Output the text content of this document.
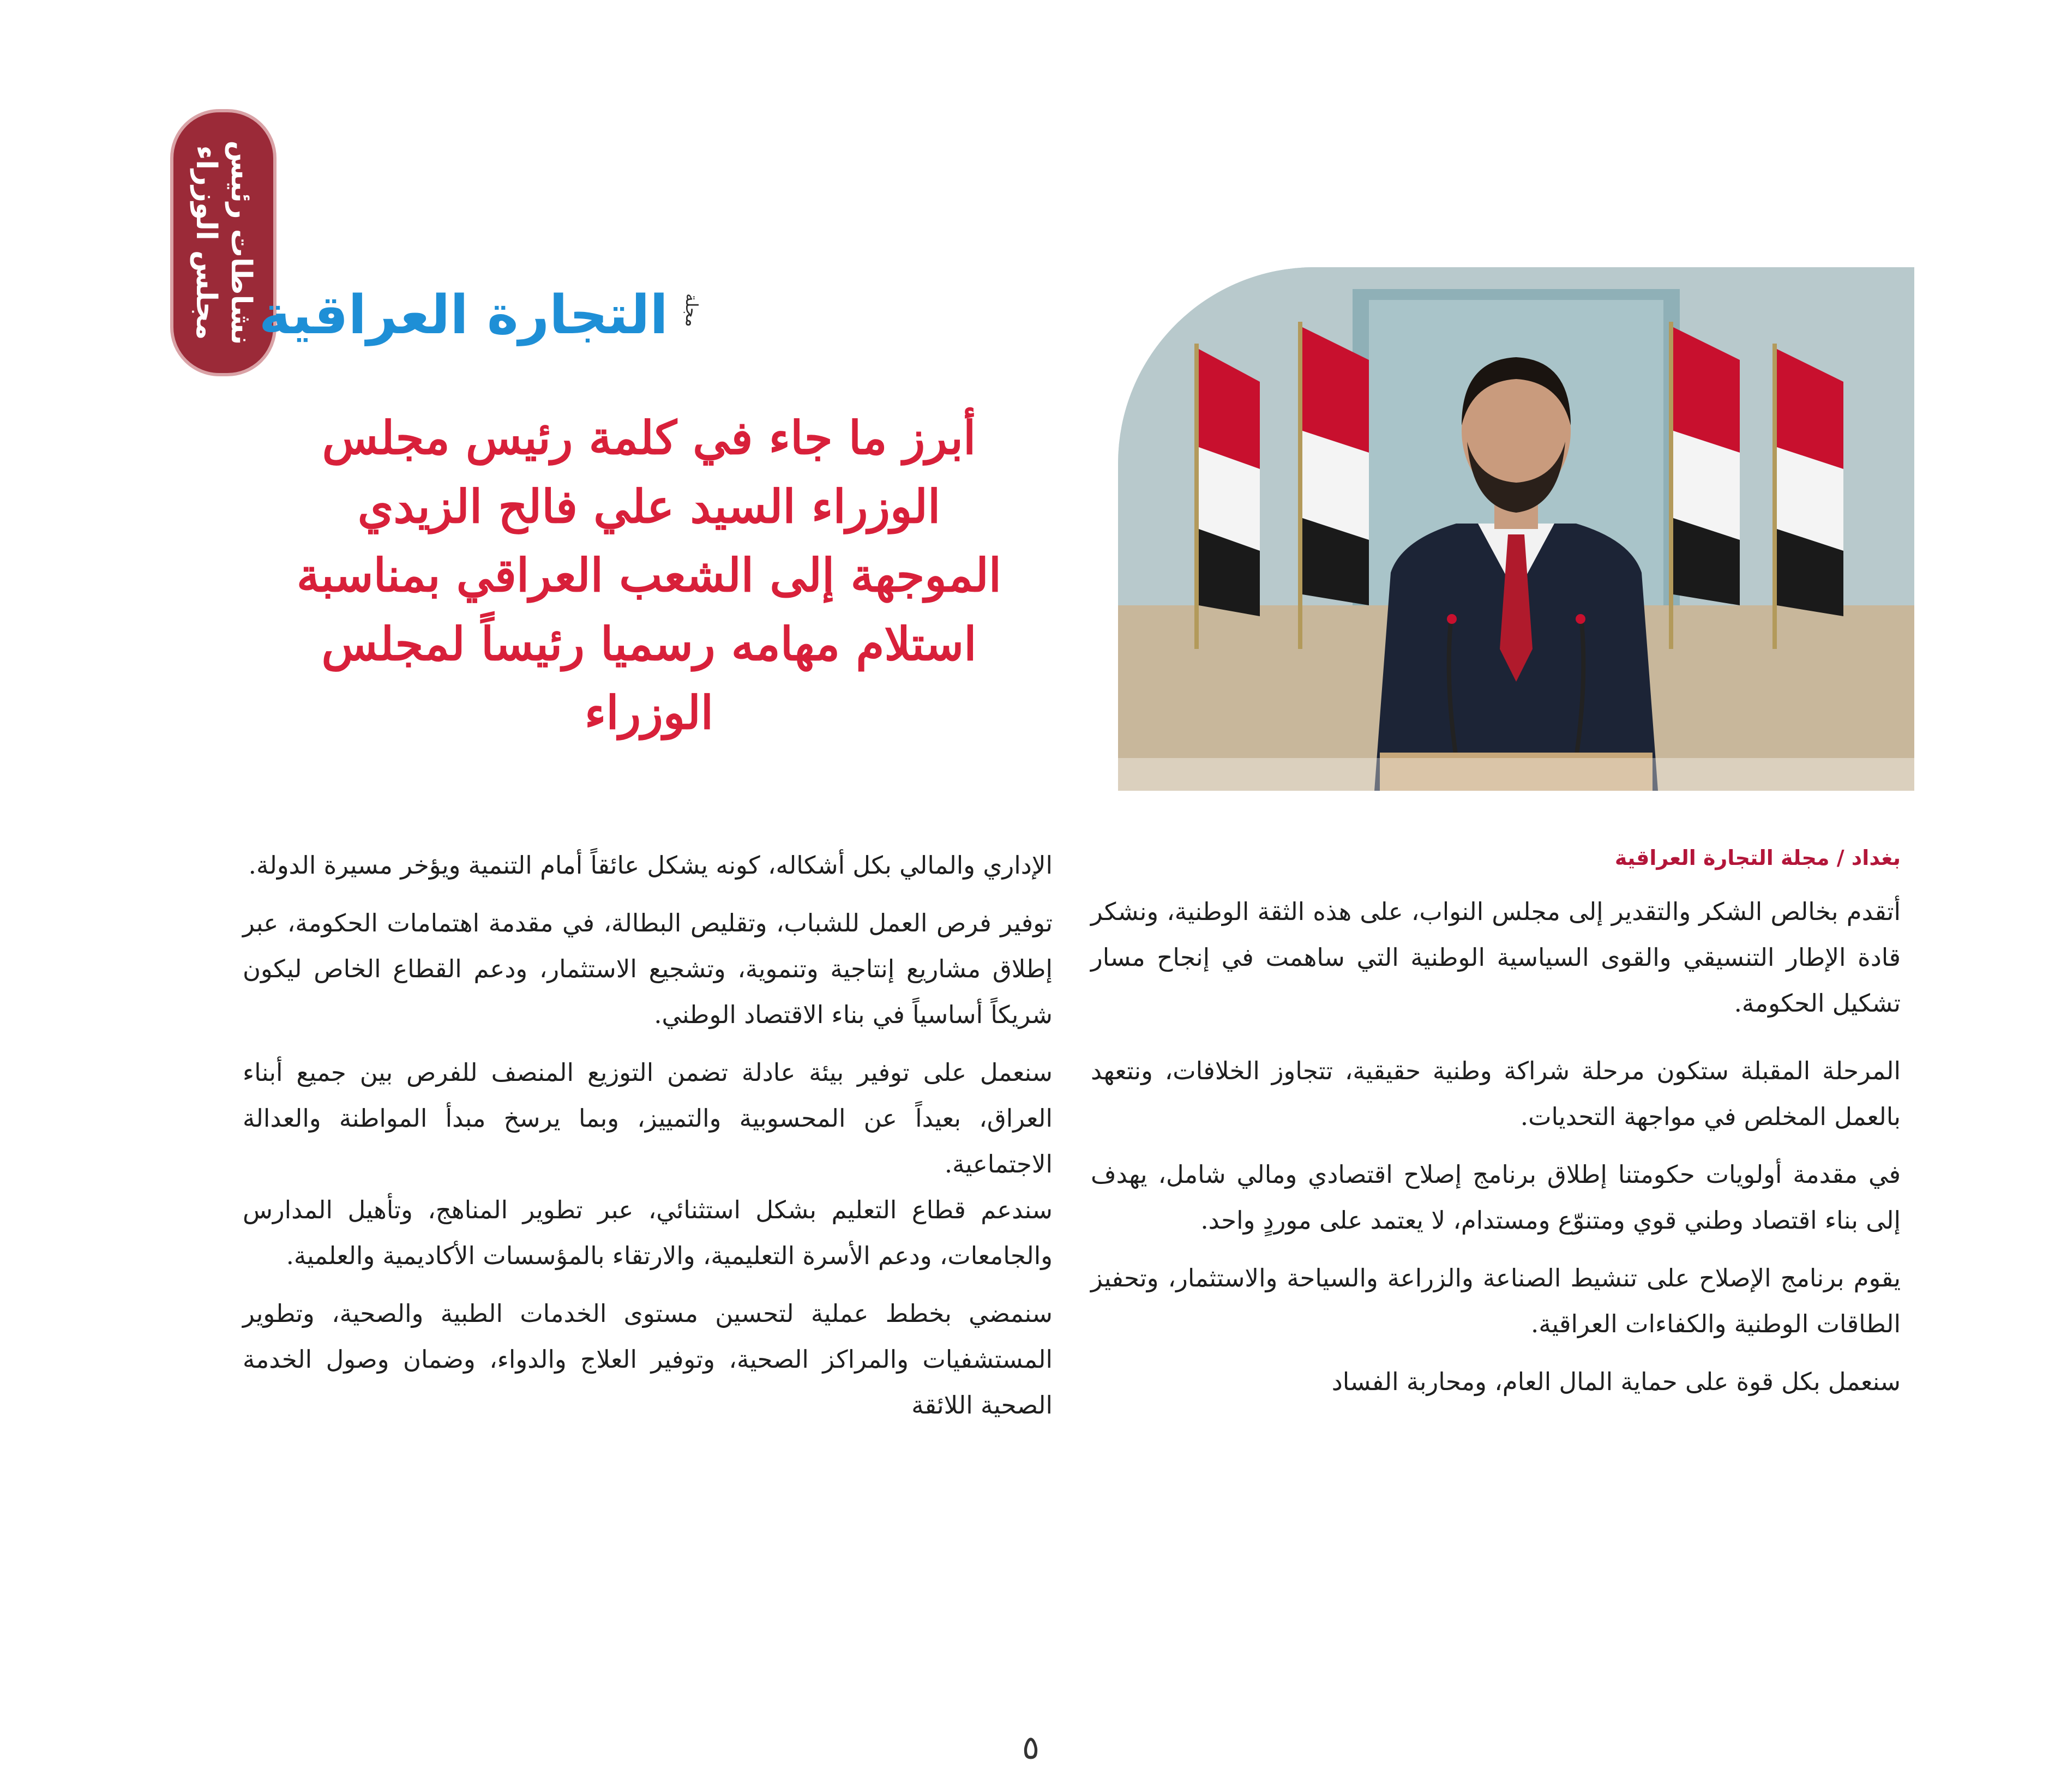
نشاطات رئيس مجلس الوزراء	مجلة
التجارة العراقية
أبرز ما جاء في كلمة رئيس مجلس
الوزراء السيد علي فالح الزيدي
الموجهة إلى الشعب العراقي بمناسبة
استلام مهامه رسميا رئيساً لمجلس
الوزراء
بغداد / مجلة التجارة العراقية

أتقدم بخالص الشكر والتقدير إلى مجلس النواب، على هذه الثقة الوطنية، ونشكر قادة الإطار التنسيقي والقوى السياسية الوطنية التي ساهمت في إنجاح مسار تشكيل الحكومة.

المرحلة المقبلة ستكون مرحلة شراكة وطنية حقيقية، تتجاوز الخلافات، ونتعهد بالعمل المخلص في مواجهة التحديات.

في مقدمة أولويات حكومتنا إطلاق برنامج إصلاح اقتصادي ومالي شامل، يهدف إلى بناء اقتصاد وطني قوي ومتنوّع ومستدام، لا يعتمد على موردٍ واحد.

يقوم برنامج الإصلاح على تنشيط الصناعة والزراعة والسياحة والاستثمار، وتحفيز الطاقات الوطنية والكفاءات العراقية.

سنعمل بكل قوة على حماية المال العام، ومحاربة الفساد

الإداري والمالي بكل أشكاله، كونه يشكل عائقاً أمام التنمية ويؤخر مسيرة الدولة.

توفير فرص العمل للشباب، وتقليص البطالة، في مقدمة اهتمامات الحكومة، عبر إطلاق مشاريع إنتاجية وتنموية، وتشجيع الاستثمار، ودعم القطاع الخاص ليكون شريكاً أساسياً في بناء الاقتصاد الوطني.

سنعمل على توفير بيئة عادلة تضمن التوزيع المنصف للفرص بين جميع أبناء العراق، بعيداً عن المحسوبية والتمييز، وبما يرسخ مبدأ المواطنة والعدالة الاجتماعية.

سندعم قطاع التعليم بشكل استثنائي، عبر تطوير المناهج، وتأهيل المدارس والجامعات، ودعم الأسرة التعليمية، والارتقاء بالمؤسسات الأكاديمية والعلمية.

سنمضي بخطط عملية لتحسين مستوى الخدمات الطبية والصحية، وتطوير المستشفيات والمراكز الصحية، وتوفير العلاج والدواء، وضمان وصول الخدمة الصحية اللائقة

٥
